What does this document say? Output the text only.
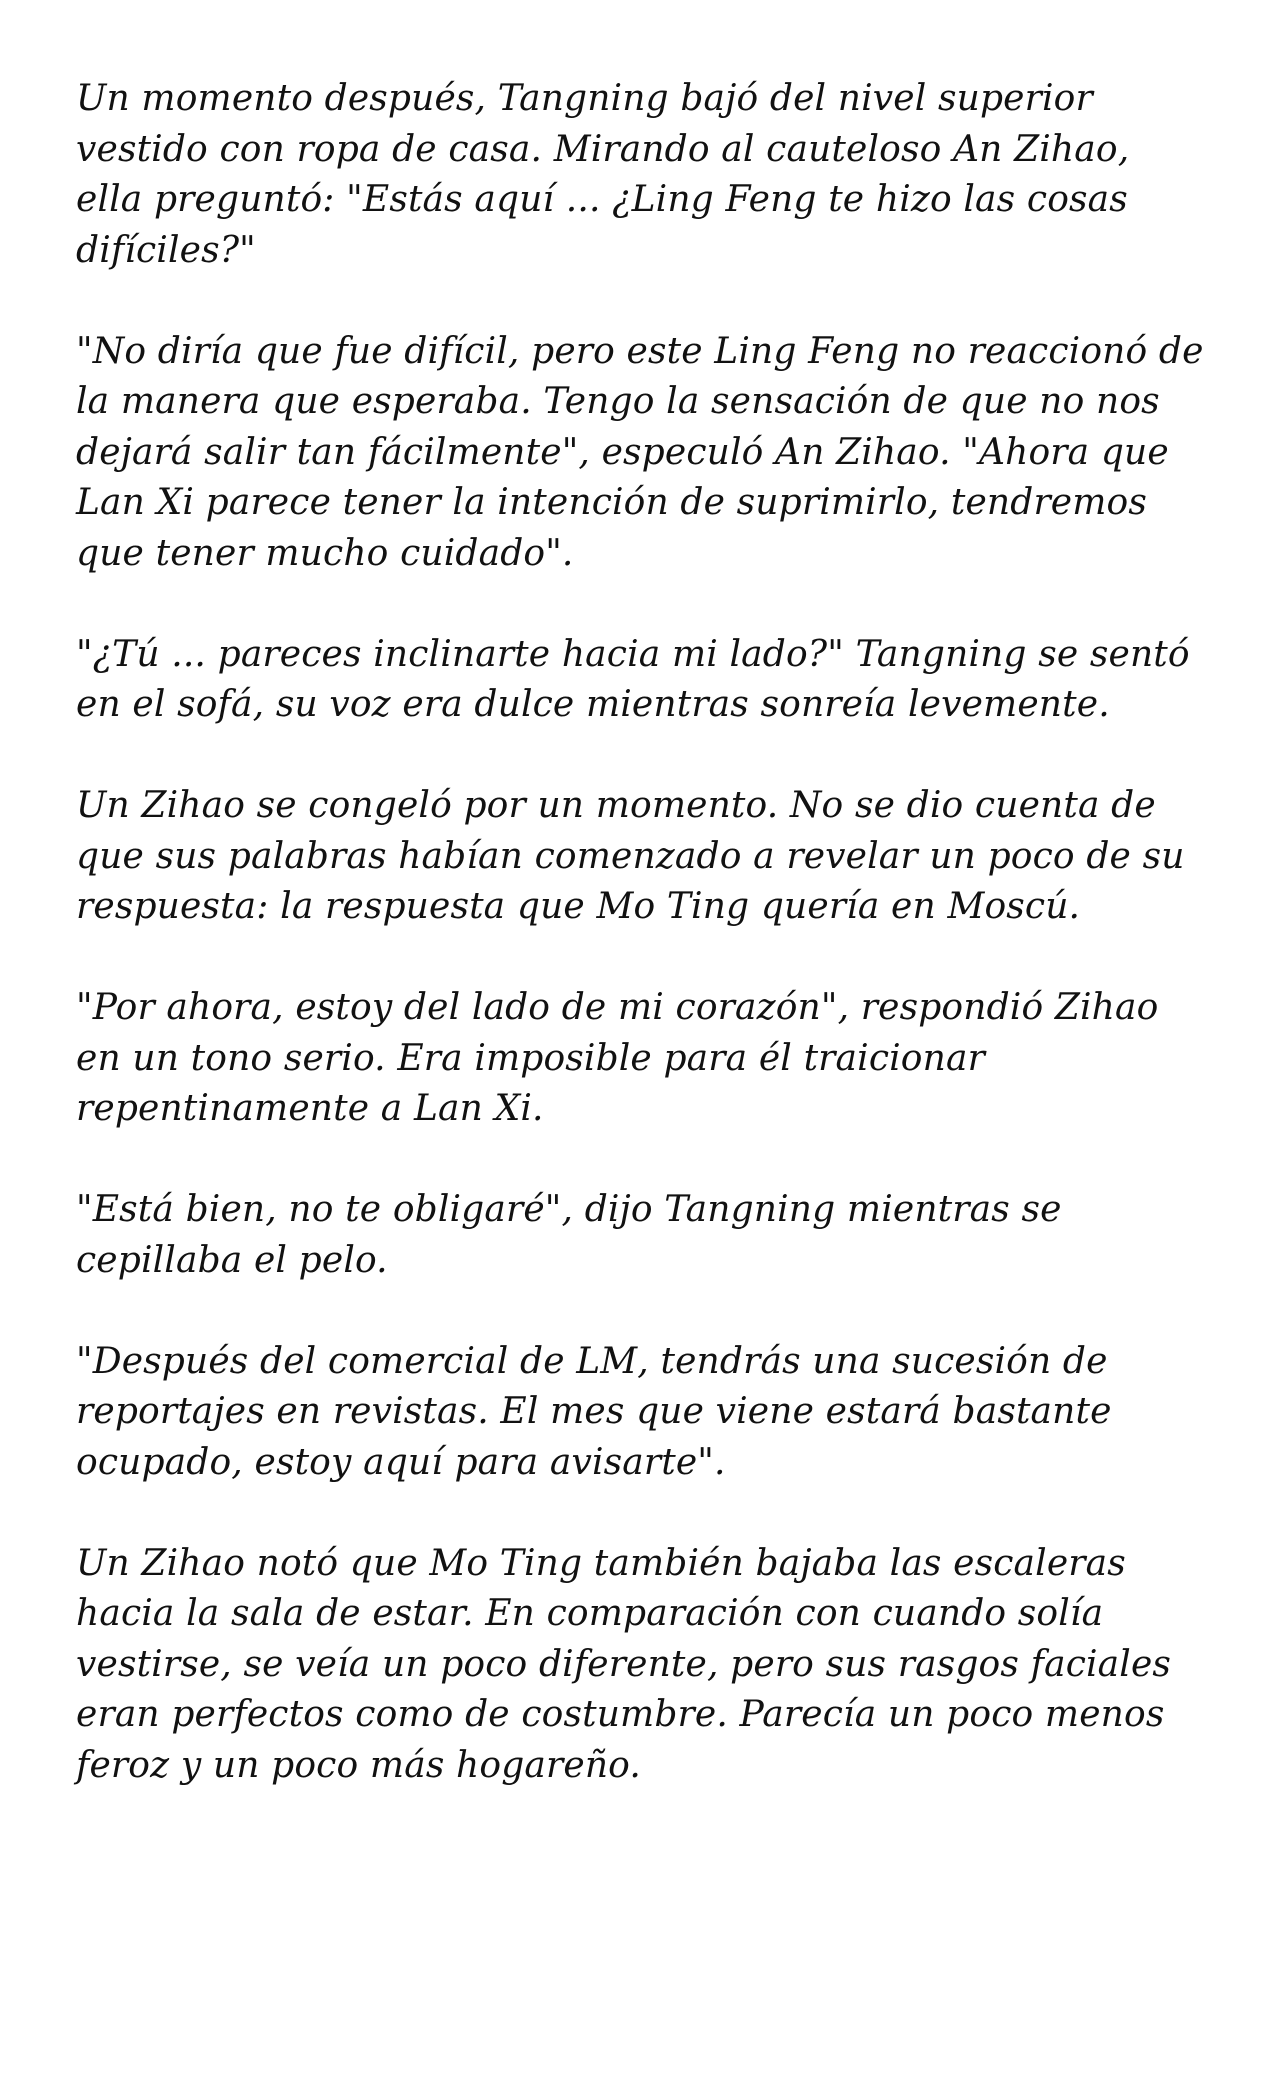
Un momento después, Tangning bajó del nivel superior vestido con ropa de casa. Mirando al cauteloso An Zihao, ella preguntó: "Estás aquí ... ¿Ling Feng te hizo las cosas difíciles?"

"No diría que fue difícil, pero este Ling Feng no reaccionó de la manera que esperaba. Tengo la sensación de que no nos dejará salir tan fácilmente", especuló An Zihao. "Ahora que Lan Xi parece tener la intención de suprimirlo, tendremos que tener mucho cuidado".

"¿Tú ... pareces inclinarte hacia mi lado?" Tangning se sentó en el sofá, su voz era dulce mientras sonreía levemente.

Un Zihao se congeló por un momento. No se dio cuenta de que sus palabras habían comenzado a revelar un poco de su respuesta: la respuesta que Mo Ting quería en Moscú.

"Por ahora, estoy del lado de mi corazón", respondió Zihao en un tono serio. Era imposible para él traicionar repentinamente a Lan Xi.

"Está bien, no te obligaré", dijo Tangning mientras se cepillaba el pelo.

"Después del comercial de LM, tendrás una sucesión de reportajes en revistas. El mes que viene estará bastante ocupado, estoy aquí para avisarte".

Un Zihao notó que Mo Ting también bajaba las escaleras hacia la sala de estar. En comparación con cuando solía vestirse, se veía un poco diferente, pero sus rasgos faciales eran perfectos como de costumbre. Parecía un poco menos feroz y un poco más hogareño.
